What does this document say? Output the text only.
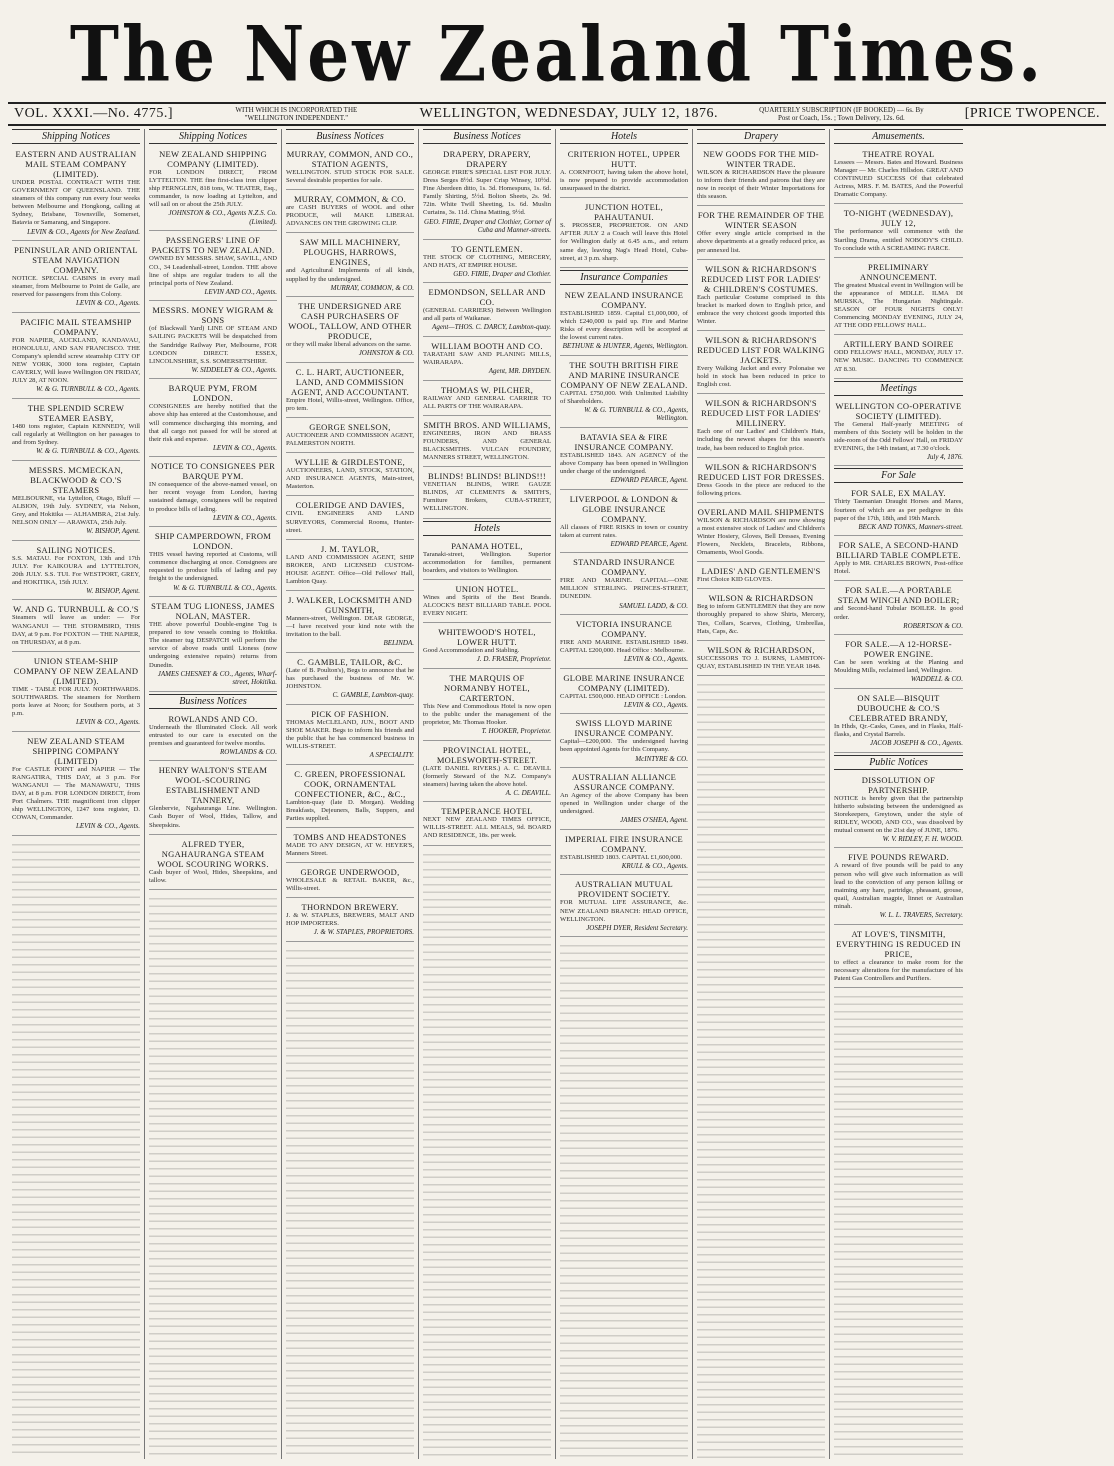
The New Zealand Times.
VOL. XXXI.—No. 4775.]	WITH WHICH IS INCORPORATED THE "WELLINGTON INDEPENDENT."	WELLINGTON, WEDNESDAY, JULY 12, 1876.	QUARTERLY SUBSCRIPTION (IF BOOKED) — 6s. By Post or Coach, 15s. ; Town Delivery, 12s. 6d.	[PRICE TWOPENCE.
Shipping Notices
EASTERN AND AUSTRALIAN MAIL STEAM COMPANY (LIMITED).

UNDER POSTAL CONTRACT WITH THE GOVERNMENT OF QUEENSLAND. THE steamers of this company run every four weeks between Melbourne and Hongkong, calling at Sydney, Brisbane, Townsville, Somerset, Batavia or Samarang, and Singapore.

LEVIN & CO., Agents for New Zealand.
PENINSULAR AND ORIENTAL STEAM NAVIGATION COMPANY.

NOTICE. SPECIAL CABINS in every mail steamer, from Melbourne to Point de Galle, are reserved for passengers from this Colony.

LEVIN & CO., Agents.
PACIFIC MAIL STEAMSHIP COMPANY.

FOR NAPIER, AUCKLAND, KANDAVAU, HONOLULU, AND SAN FRANCISCO. THE Company's splendid screw steamship CITY OF NEW YORK, 3000 tons register, Captain CAVERLY, Will leave Wellington ON FRIDAY, JULY 28, AT NOON.

W. & G. TURNBULL & CO., Agents.
THE SPLENDID SCREW STEAMER EASBY,

1480 tons register, Captain KENNEDY, Will call regularly at Wellington on her passages to and from Sydney.

W. & G. TURNBULL & CO., Agents.
MESSRS. MCMECKAN, BLACKWOOD & CO.'S STEAMERS

MELBOURNE, via Lyttelton, Otago, Bluff — ALBION, 19th July. SYDNEY, via Nelson, Grey, and Hokitika — ALHAMBRA, 21st July. NELSON ONLY — ARAWATA, 25th July.

W. BISHOP, Agent.
SAILING NOTICES.

S.S. MATAU. For FOXTON, 13th and 17th JULY. For KAIKOURA and LYTTELTON, 20th JULY. S.S. TUI. For WESTPORT, GREY, and HOKITIKA, 15th JULY.

W. BISHOP, Agent.
W. AND G. TURNBULL & CO.'S

Steamers will leave as under: — For WANGANUI — THE STORMBIRD, THIS DAY, at 9 p.m. For FOXTON — THE NAPIER, on THURSDAY, at 8 p.m.

UNION STEAM-SHIP COMPANY OF NEW ZEALAND (LIMITED).

TIME - TABLE FOR JULY. NORTHWARDS. SOUTHWARDS. The steamers for Northern ports leave at Noon; for Southern ports, at 3 p.m.

LEVIN & CO., Agents.
NEW ZEALAND STEAM SHIPPING COMPANY (LIMITED)

For CASTLE POINT and NAPIER — The RANGATIRA, THIS DAY, at 3 p.m. For WANGANUI — The MANAWATU, THIS DAY, at 8 p.m. FOR LONDON DIRECT, from Port Chalmers. THE magnificent iron clipper ship WELLINGTON, 1247 tons register, D. COWAN, Commander.

LEVIN & CO., Agents.
Shipping Notices
NEW ZEALAND SHIPPING COMPANY (LIMITED).

FOR LONDON DIRECT, FROM LYTTELTON. THE fine first-class iron clipper ship FERNGLEN, 818 tons, W. TEATER, Esq., commander, is now loading at Lyttelton, and will sail on or about the 25th JULY.

JOHNSTON & CO., Agents N.Z.S. Co. (Limited).
PASSENGERS' LINE OF PACKETS TO NEW ZEALAND.

OWNED BY MESSRS. SHAW, SAVILL, AND CO., 34 Leadenhall-street, London. THE above line of ships are regular traders to all the principal ports of New Zealand.

LEVIN AND CO., Agents.
MESSRS. MONEY WIGRAM & SONS

(of Blackwall Yard) LINE OF STEAM AND SAILING PACKETS Will be despatched from the Sandridge Railway Pier, Melbourne, FOR LONDON DIRECT. ESSEX, LINCOLNSHIRE, S.S. SOMERSETSHIRE.

W. SIDDELEY & CO., Agents.
BARQUE PYM, FROM LONDON.

CONSIGNEES are hereby notified that the above ship has entered at the Customhouse, and will commence discharging this morning, and that all cargo not passed for will be stored at their risk and expense.

LEVIN & CO., Agents.
NOTICE TO CONSIGNEES PER BARQUE PYM.

IN consequence of the above-named vessel, on her recent voyage from London, having sustained damage, consignees will be required to produce bills of lading.

LEVIN & CO., Agents.
SHIP CAMPERDOWN, FROM LONDON.

THIS vessel having reported at Customs, will commence discharging at once. Consignees are requested to produce bills of lading and pay freight to the undersigned.

W. & G. TURNBULL & CO., Agents.
STEAM TUG LIONESS, JAMES NOLAN, MASTER.

THE above powerful Double-engine Tug is prepared to tow vessels coming to Hokitika. The steamer tug DESPATCH will perform the service of above roads until Lioness (now undergoing extensive repairs) returns from Dunedin.

JAMES CHESNEY & CO., Agents, Wharf-street, Hokitika.
Business Notices
ROWLANDS AND CO.

Underneath the Illuminated Clock. All work entrusted to our care is executed on the premises and guaranteed for twelve months.

ROWLANDS & CO.
HENRY WALTON'S STEAM WOOL-SCOURING ESTABLISHMENT AND TANNERY,

Glenbervie, Ngahauranga Line. Wellington. Cash Buyer of Wool, Hides, Tallow, and Sheepskins.

ALFRED TYER, NGAHAURANGA STEAM WOOL SCOURING WORKS.

Cash buyer of Wool, Hides, Sheepskins, and tallow.

Business Notices
MURRAY, COMMON, AND CO., STATION AGENTS,

WELLINGTON. STUD STOCK FOR SALE. Several desirable properties for sale.

MURRAY, COMMON, & CO.

are CASH BUYERS of WOOL and other PRODUCE, will MAKE LIBERAL ADVANCES ON THE GROWING CLIP.

SAW MILL MACHINERY, PLOUGHS, HARROWS, ENGINES,

and Agricultural Implements of all kinds, supplied by the undersigned.

MURRAY, COMMON, & CO.
THE UNDERSIGNED ARE CASH PURCHASERS OF WOOL, TALLOW, AND OTHER PRODUCE,

or they will make liberal advances on the same.

JOHNSTON & CO.
C. L. HART, AUCTIONEER, LAND, AND COMMISSION AGENT, AND ACCOUNTANT.

Empire Hotel, Willis-street, Wellington. Office, pro tem.

GEORGE SNELSON,

AUCTIONEER AND COMMISSION AGENT, PALMERSTON NORTH.

WYLLIE & GIRDLESTONE,

AUCTIONEERS, LAND, STOCK, STATION, AND INSURANCE AGENTS, Main-street, Masterton.

COLERIDGE AND DAVIES,

CIVIL ENGINEERS AND LAND SURVEYORS, Commercial Rooms, Hunter-street.

J. M. TAYLOR,

LAND AND COMMISSION AGENT, SHIP BROKER, AND LICENSED CUSTOM-HOUSE AGENT. Office—Old Fellows' Hall, Lambton Quay.

J. WALKER, LOCKSMITH AND GUNSMITH,

Manners-street, Wellington. DEAR GEORGE,—I have received your kind note with the invitation to the ball.

BELINDA.
C. GAMBLE, TAILOR, &C.

(Late of B. Poulton's), Begs to announce that he has purchased the business of Mr. W. JOHNSTON.

C. GAMBLE, Lambton-quay.
PICK OF FASHION.

THOMAS McCLELAND, JUN., BOOT AND SHOE MAKER. Begs to inform his friends and the public that he has commenced business in WILLIS-STREET.

A SPECIALITY.
C. GREEN, PROFESSIONAL COOK, ORNAMENTAL CONFECTIONER, &C., &C.,

Lambton-quay (late D. Morgan). Wedding Breakfasts, Dejeuners, Balls, Suppers, and Parties supplied.

TOMBS AND HEADSTONES

MADE TO ANY DESIGN, AT W. HEYER'S, Manners Street.

GEORGE UNDERWOOD,

WHOLESALE & RETAIL BAKER, &c., Willis-street.

THORNDON BREWERY.

J. & W. STAPLES, BREWERS, MALT AND HOP IMPORTERS.

J. & W. STAPLES, PROPRIETORS.
Business Notices
DRAPERY, DRAPERY, DRAPERY

GEORGE FIRIE'S SPECIAL LIST FOR JULY. Dress Serges 8½d. Super Crisp Winsey, 10½d. Fine Aberdeen ditto, 1s. 3d. Homespuns, 1s. 6d. Family Shirting, 5½d. Bolton Sheets, 2s. 9d. 72in. White Twill Sheeting, 1s. 6d. Muslin Curtains, 3s. 11d. China Matting, 9½d.

GEO. FIRIE, Draper and Clothier, Corner of Cuba and Manner-streets.
TO GENTLEMEN.

THE STOCK OF CLOTHING, MERCERY, AND HATS, AT EMPIRE HOUSE.

GEO. FIRIE, Draper and Clothier.
EDMONDSON, SELLAR AND CO.

(GENERAL CARRIERS) Between Wellington and all parts of Waikanae.

Agent—THOS. C. DARCY, Lambton-quay.
WILLIAM BOOTH AND CO.

TARATAHI SAW AND PLANING MILLS, WAIRARAPA.

Agent, MR. DRYDEN.
THOMAS W. PILCHER,

RAILWAY AND GENERAL CARRIER TO ALL PARTS OF THE WAIRARAPA.

SMITH BROS. AND WILLIAMS,

ENGINEERS, IRON AND BRASS FOUNDERS, AND GENERAL BLACKSMITHS. VULCAN FOUNDRY, MANNERS STREET, WELLINGTON.

BLINDS! BLINDS! BLINDS!!!

VENETIAN BLINDS, WIRE GAUZE BLINDS, AT CLEMENTS & SMITH'S, Furniture Brokers, CUBA-STREET, WELLINGTON.

Hotels
PANAMA HOTEL,

Taranaki-street, Wellington. Superior accommodation for families, permanent boarders, and visitors to Wellington.

UNION HOTEL.

Wines and Spirits of the Best Brands. ALCOCK'S BEST BILLIARD TABLE. POOL EVERY NIGHT.

WHITEWOOD'S HOTEL, LOWER HUTT.

Good Accommodation and Stabling.

J. D. FRASER, Proprietor.
THE MARQUIS OF NORMANBY HOTEL, CARTERTON.

This New and Commodious Hotel is now open to the public under the management of the proprietor, Mr. Thomas Hooker.

T. HOOKER, Proprietor.
PROVINCIAL HOTEL, MOLESWORTH-STREET.

(LATE DANIEL RIVERS.) A. C. DEAVILL (formerly Steward of the N.Z. Company's steamers) having taken the above hotel.

A. C. DEAVILL.
TEMPERANCE HOTEL

NEXT NEW ZEALAND TIMES OFFICE, WILLIS-STREET. ALL MEALS, 9d. BOARD AND RESIDENCE, 18s. per week.

Hotels
CRITERION HOTEL, UPPER HUTT.

A. CORNFOOT, having taken the above hotel, is now prepared to provide accommodation unsurpassed in the district.

JUNCTION HOTEL, PAHAUTANUI.

S. PROSSER, PROPRIETOR. ON AND AFTER JULY 2 a Coach will leave this Hotel for Wellington daily at 6.45 a.m., and return same day, leaving Nag's Head Hotel, Cuba-street, at 3 p.m. sharp.

Insurance Companies
NEW ZEALAND INSURANCE COMPANY.

ESTABLISHED 1859. Capital £1,000,000, of which £240,000 is paid up. Fire and Marine Risks of every description will be accepted at the lowest current rates.

BETHUNE & HUNTER, Agents, Wellington.
THE SOUTH BRITISH FIRE AND MARINE INSURANCE COMPANY OF NEW ZEALAND.

CAPITAL £750,000. With Unlimited Liability of Shareholders.

W. & G. TURNBULL & CO., Agents, Wellington.
BATAVIA SEA & FIRE INSURANCE COMPANY.

ESTABLISHED 1843. AN AGENCY of the above Company has been opened in Wellington under charge of the undersigned.

EDWARD PEARCE, Agent.
LIVERPOOL & LONDON & GLOBE INSURANCE COMPANY.

All classes of FIRE RISKS in town or country taken at current rates.

EDWARD PEARCE, Agent.
STANDARD INSURANCE COMPANY.

FIRE AND MARINE. CAPITAL—ONE MILLION STERLING. PRINCES-STREET, DUNEDIN.

SAMUEL LADD, & CO.
VICTORIA INSURANCE COMPANY.

FIRE AND MARINE. ESTABLISHED 1849. CAPITAL £200,000. Head Office : Melbourne.

LEVIN & CO., Agents.
GLOBE MARINE INSURANCE COMPANY (LIMITED).

CAPITAL £500,000. HEAD OFFICE : London.

LEVIN & CO., Agents.
SWISS LLOYD MARINE INSURANCE COMPANY.

Capital—£200,000. The undersigned having been appointed Agents for this Company.

McINTYRE & CO.
AUSTRALIAN ALLIANCE ASSURANCE COMPANY.

An Agency of the above Company has been opened in Wellington under charge of the undersigned.

JAMES O'SHEA, Agent.
IMPERIAL FIRE INSURANCE COMPANY.

ESTABLISHED 1803. CAPITAL £1,600,000.

KRULL & CO., Agents.
AUSTRALIAN MUTUAL PROVIDENT SOCIETY.

FOR MUTUAL LIFE ASSURANCE, &c. NEW ZEALAND BRANCH: HEAD OFFICE, WELLINGTON.

JOSEPH DYER, Resident Secretary.
Drapery
NEW GOODS FOR THE MID-WINTER TRADE.

WILSON & RICHARDSON Have the pleasure to inform their friends and patrons that they are now in receipt of their Winter Importations for this season.

FOR THE REMAINDER OF THE WINTER SEASON

Offer every single article comprised in the above departments at a greatly reduced price, as per annexed list.

WILSON & RICHARDSON'S REDUCED LIST FOR LADIES' & CHILDREN'S COSTUMES.

Each particular Costume comprised in this bracket is marked down to English price, and embrace the very choicest goods imported this Winter.

WILSON & RICHARDSON'S REDUCED LIST FOR WALKING JACKETS.

Every Walking Jacket and every Polonaise we hold in stock has been reduced in price to English cost.

WILSON & RICHARDSON'S REDUCED LIST FOR LADIES' MILLINERY.

Each one of our Ladies' and Children's Hats, including the newest shapes for this season's trade, has been reduced to English price.

WILSON & RICHARDSON'S REDUCED LIST FOR DRESSES.

Dress Goods in the piece are reduced to the following prices.

OVERLAND MAIL SHIPMENTS

WILSON & RICHARDSON are now showing a most extensive stock of Ladies' and Children's Winter Hosiery, Gloves, Bell Dresses, Evening Flowers, Necklets, Bracelets, Ribbons, Ornaments, Wool Goods.

LADIES' AND GENTLEMEN'S

First Choice KID GLOVES.

WILSON & RICHARDSON

Beg to inform GENTLEMEN that they are now thoroughly prepared to show Shirts, Mercery, Ties, Collars, Scarves, Clothing, Umbrellas, Hats, Caps, &c.

WILSON & RICHARDSON,

SUCCESSORS TO J. BURNS, LAMBTON-QUAY, ESTABLISHED IN THE YEAR 1848.

Amusements.
THEATRE ROYAL

Lessees — Messrs. Bates and Howard. Business Manager — Mr. Charles Hillsdon. GREAT AND CONTINUED SUCCESS Of that celebrated Actress, MRS. F. M. BATES, And the Powerful Dramatic Company.

TO-NIGHT (WEDNESDAY), JULY 12,

The performance will commence with the Startling Drama, entitled NOBODY'S CHILD. To conclude with A SCREAMING FARCE.

PRELIMINARY ANNOUNCEMENT.

The greatest Musical event in Wellington will be the appearance of MDLLE. ILMA DI MURSKA, The Hungarian Nightingale. SEASON OF FOUR NIGHTS ONLY! Commencing MONDAY EVENING, JULY 24, AT THE ODD FELLOWS' HALL.

ARTILLERY BAND SOIREE

ODD FELLOWS' HALL, MONDAY, JULY 17. NEW MUSIC. DANCING TO COMMENCE AT 8.30.

Meetings
WELLINGTON CO-OPERATIVE SOCIETY (LIMITED).

The General Half-yearly MEETING of members of this Society will be holden in the side-room of the Odd Fellows' Hall, on FRIDAY EVENING, the 14th instant, at 7.30 o'clock.

July 4, 1876.
For Sale
FOR SALE, EX MALAY.

Thirty Tasmanian Draught Horses and Mares, fourteen of which are as per pedigree in this paper of the 17th, 18th, and 19th March.

BECK AND TONKS, Manners-street.
FOR SALE, A SECOND-HAND BILLIARD TABLE COMPLETE.

Apply to MR. CHARLES BROWN, Post-office Hotel.

FOR SALE.—A PORTABLE STEAM WINCH AND BOILER;

and Second-hand Tubular BOILER. In good order.

ROBERTSON & CO.
FOR SALE.—A 12-HORSE-POWER ENGINE.

Can be seen working at the Planing and Moulding Mills, reclaimed land, Wellington.

WADDELL & CO.
ON SALE—BISQUIT DUBOUCHE & CO.'S CELEBRATED BRANDY,

In Hhds, Qr.-Casks, Cases, and in Flasks, Half-flasks, and Crystal Barrels.

JACOB JOSEPH & CO., Agents.
Public Notices
DISSOLUTION OF PARTNERSHIP.

NOTICE is hereby given that the partnership hitherto subsisting between the undersigned as Storekeepers, Greytown, under the style of RIDLEY, WOOD, AND CO., was dissolved by mutual consent on the 21st day of JUNE, 1876.

W. V. RIDLEY, F. H. WOOD.
FIVE POUNDS REWARD.

A reward of five pounds will be paid to any person who will give such information as will lead to the conviction of any person killing or maiming any hare, partridge, pheasant, grouse, quail, Australian magpie, linnet or Australian minah.

W. L. L. TRAVERS, Secretary.
AT LOVE'S, TINSMITH, EVERYTHING IS REDUCED IN PRICE,

to effect a clearance to make room for the necessary alterations for the manufacture of his Patent Gas Controllers and Purifiers.
